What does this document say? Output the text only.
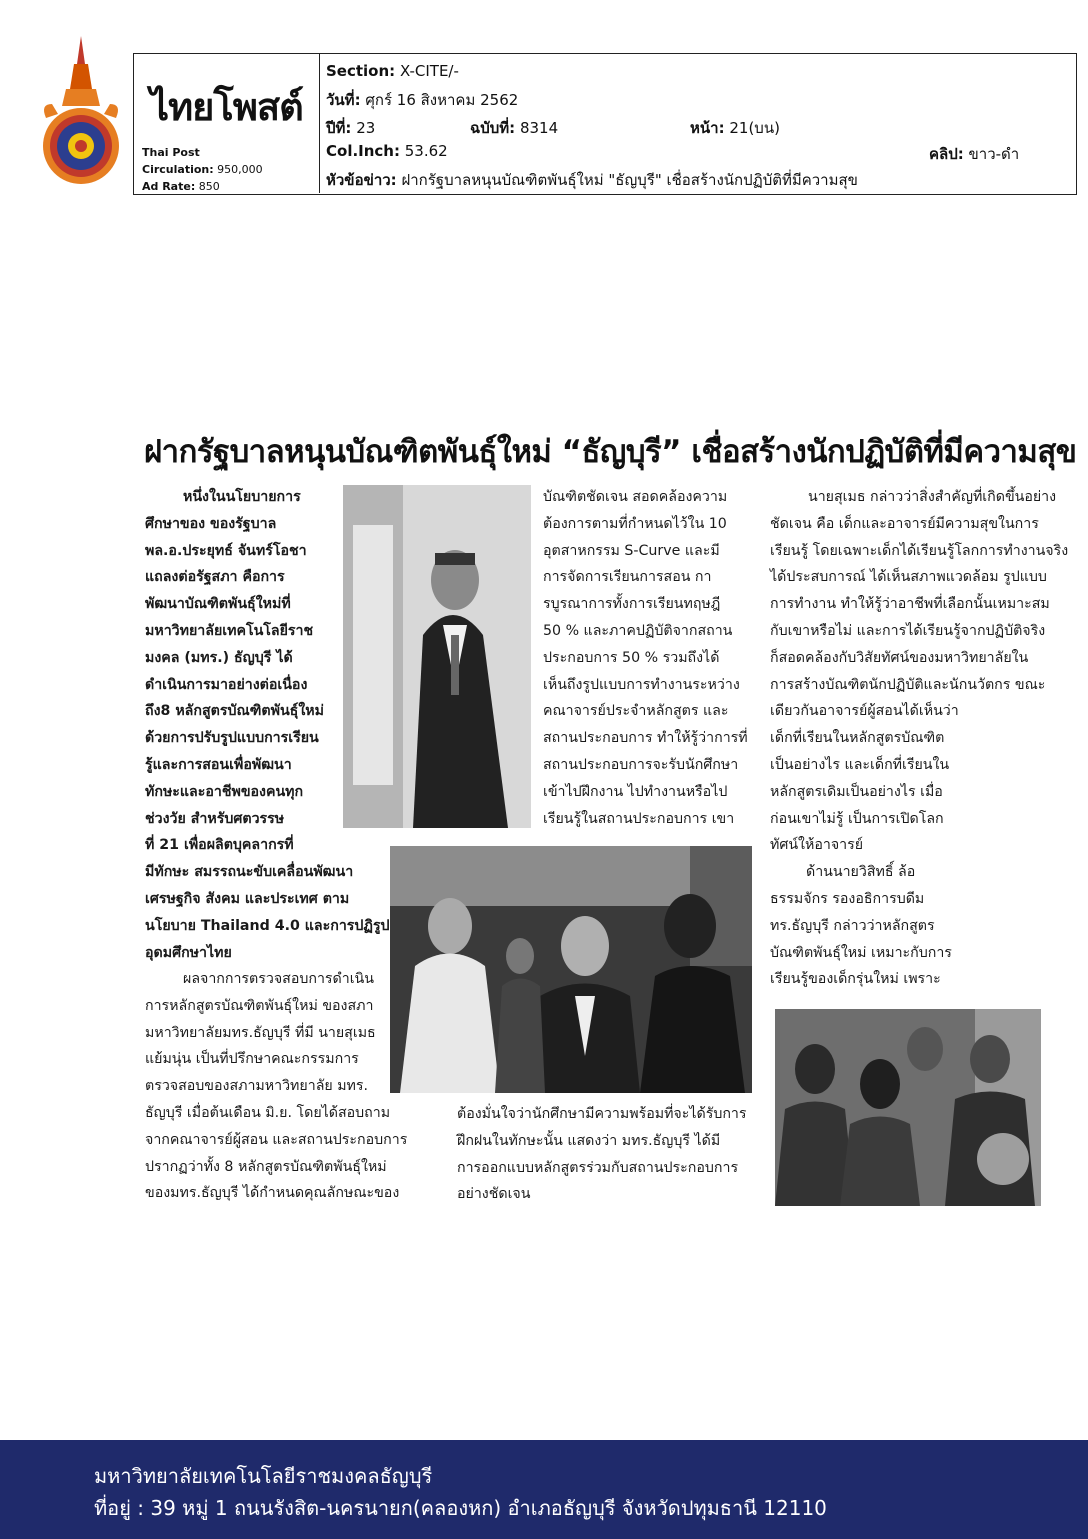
ไทยโพสต์
Thai Post
Circulation: 950,000
Ad Rate: 850
Section: X-CITE/-
วันที่: ศุกร์ 16 สิงหาคม 2562
ปีที่: 23	ฉบับที่: 8314	หน้า: 21(บน)
Col.Inch: 53.62	คลิป: ขาว-ดำ
หัวข้อข่าว: ฝากรัฐบาลหนุนบัณฑิตพันธุ์ใหม่ "ธัญบุรี" เชื่อสร้างนักปฏิบัติที่มีความสุข
ฝากรัฐบาลหนุนบัณฑิตพันธุ์ใหม่ “ธัญบุรี” เชื่อสร้างนักปฏิบัติที่มีความสุข

หนึ่งในนโยบายการ

ศึกษาของ ของรัฐบาล

พล.อ.ประยุทธ์ จันทร์โอชา

แถลงต่อรัฐสภา คือการ

พัฒนาบัณฑิตพันธุ์ใหม่ที่

มหาวิทยาลัยเทคโนโลยีราช

มงคล (มทร.) ธัญบุรี ได้

ดำเนินการมาอย่างต่อเนื่อง

ถึง8 หลักสูตรบัณฑิตพันธุ์ใหม่

ด้วยการปรับรูปแบบการเรียน

รู้และการสอนเพื่อพัฒนา

ทักษะและอาชีพของคนทุก

ช่วงวัย สำหรับศตวรรษ

ที่ 21 เพื่อผลิตบุคลากรที่

มีทักษะ สมรรถนะขับเคลื่อนพัฒนา

เศรษฐกิจ สังคม และประเทศ ตาม

นโยบาย Thailand 4.0 และการปฏิรูป

อุดมศึกษาไทย

ผลจากการตรวจสอบการดำเนิน

การหลักสูตรบัณฑิตพันธุ์ใหม่ ของสภา

มหาวิทยาลัยมทร.ธัญบุรี ที่มี นายสุเมธ

แย้มนุ่น เป็นที่ปรึกษาคณะกรรมการ

ตรวจสอบของสภามหาวิทยาลัย มทร.

ธัญบุรี เมื่อต้นเดือน มิ.ย. โดยได้สอบถาม

จากคณาจารย์ผู้สอน และสถานประกอบการ

ปรากฏว่าทั้ง 8 หลักสูตรบัณฑิตพันธุ์ใหม่

ของมทร.ธัญบุรี ได้กำหนดคุณลักษณะของ

บัณฑิตชัดเจน สอดคล้องความ

ต้องการตามที่กำหนดไว้ใน 10

อุตสาหกรรม S-Curve และมี

การจัดการเรียนการสอน กา

รบูรณาการทั้งการเรียนทฤษฎี

50 % และภาคปฏิบัติจากสถาน

ประกอบการ 50 % รวมถึงได้

เห็นถึงรูปแบบการทำงานระหว่าง

คณาจารย์ประจำหลักสูตร และ

สถานประกอบการ ทำให้รู้ว่าการที่

สถานประกอบการจะรับนักศึกษา

เข้าไปฝึกงาน ไปทำงานหรือไป

เรียนรู้ในสถานประกอบการ เขา

ต้องมั่นใจว่านักศึกษามีความพร้อมที่จะได้รับการ

ฝึกฝนในทักษะนั้น แสดงว่า มทร.ธัญบุรี ได้มี

การออกแบบหลักสูตรร่วมกับสถานประกอบการ

อย่างชัดเจน

นายสุเมธ กล่าวว่าสิ่งสำคัญที่เกิดขึ้นอย่าง

ชัดเจน คือ เด็กและอาจารย์มีความสุขในการ

เรียนรู้ โดยเฉพาะเด็กได้เรียนรู้โลกการทำงานจริง

ได้ประสบการณ์ ได้เห็นสภาพแวดล้อม รูปแบบ

การทำงาน ทำให้รู้ว่าอาชีพที่เลือกนั้นเหมาะสม

กับเขาหรือไม่ และการได้เรียนรู้จากปฏิบัติจริง

ก็สอดคล้องกับวิสัยทัศน์ของมหาวิทยาลัยใน

การสร้างบัณฑิตนักปฏิบัติและนักนวัตกร ขณะ

เดียวกันอาจารย์ผู้สอนได้เห็นว่า

เด็กที่เรียนในหลักสูตรบัณฑิต

เป็นอย่างไร และเด็กที่เรียนใน

หลักสูตรเดิมเป็นอย่างไร เมื่อ

ก่อนเขาไม่รู้ เป็นการเปิดโลก

ทัศน์ให้อาจารย์

ด้านนายวิสิทธิ์ ล้อ

ธรรมจักร รองอธิการบดีม

ทร.ธัญบุรี กล่าวว่าหลักสูตร

บัณฑิตพันธุ์ใหม่ เหมาะกับการ

เรียนรู้ของเด็กรุ่นใหม่ เพราะ

มหาวิทยาลัยเทคโนโลยีราชมงคลธัญบุรี
ที่อยู่ : 39 หมู่ 1 ถนนรังสิต-นครนายก(คลองหก) อำเภอธัญบุรี จังหวัดปทุมธานี 12110
